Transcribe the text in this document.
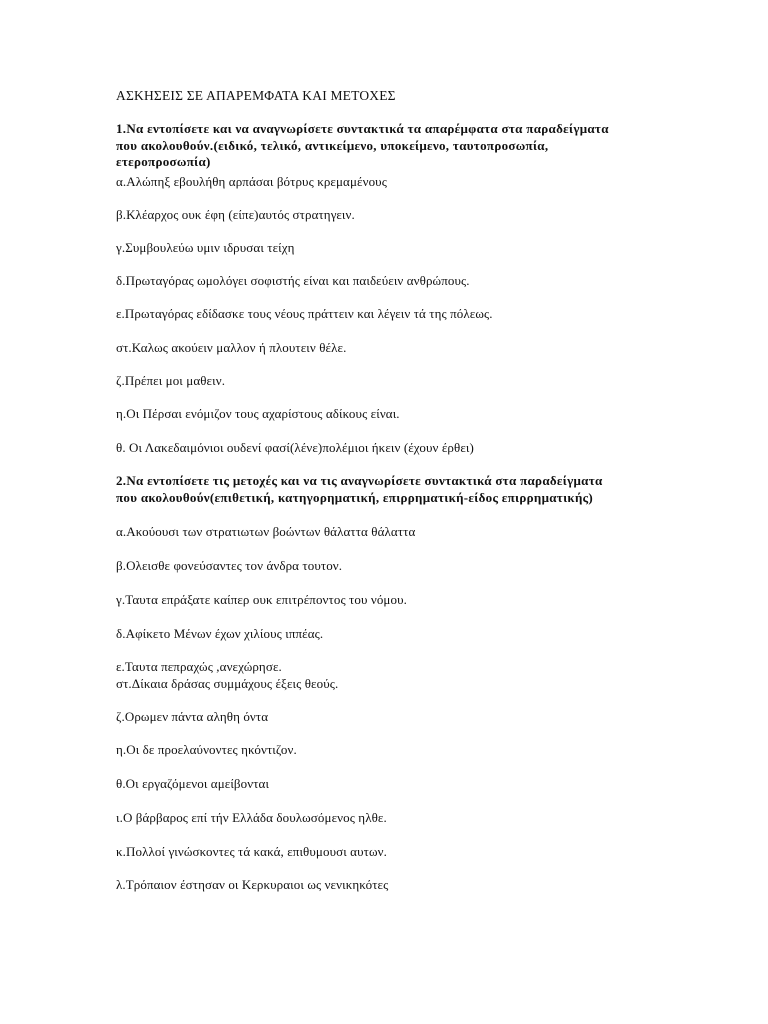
ΑΣΚΗΣΕΙΣ ΣΕ ΑΠΑΡΕΜΦΑΤΑ ΚΑΙ ΜΕΤΟΧΕΣ
1.Να εντοπίσετε και να αναγνωρίσετε συντακτικά τα απαρέμφατα στα παραδείγματα που ακολουθούν.(ειδικό, τελικό, αντικείμενο, υποκείμενο, ταυτοπροσωπία, ετεροπροσωπία)
α.Αλώπηξ εβουλήθη αρπάσαι βότρυς κρεμαμένους
β.Κλέαρχος ουκ έφη (είπε)αυτός στρατηγειν.
γ.Συμβουλεύω υμιν ιδρυσαι τείχη
δ.Πρωταγόρας ωμολόγει σοφιστής είναι και παιδεύειν ανθρώπους.
ε.Πρωταγόρας εδίδασκε τους νέους πράττειν και λέγειν τά της πόλεως.
στ.Καλως ακούειν μαλλον ή πλουτειν θέλε.
ζ.Πρέπει μοι μαθειν.
η.Οι Πέρσαι ενόμιζον τους αχαρίστους αδίκους είναι.
θ. Οι Λακεδαιμόνιοι ουδενί φασί(λένε)πολέμιοι ήκειν (έχουν έρθει)
2.Να εντοπίσετε τις μετοχές και να τις αναγνωρίσετε συντακτικά στα παραδείγματα που ακολουθούν(επιθετική, κατηγορηματική, επιρρηματική-είδος επιρρηματικής)
α.Ακούουσι των στρατιωτων βοώντων θάλαττα θάλαττα
β.Ολεισθε φονεύσαντες τον άνδρα τουτον.
γ.Ταυτα επράξατε καίπερ ουκ επιτρέποντος του νόμου.
δ.Αφίκετο Μένων έχων χιλίους ιππέας.
ε.Ταυτα πεπραχώς ,ανεχώρησε.
στ.Δίκαια δράσας συμμάχους έξεις θεούς.
ζ.Ορωμεν πάντα αληθη όντα
η.Οι δε προελαύνοντες ηκόντιζον.
θ.Οι εργαζόμενοι αμείβονται
ι.Ο βάρβαρος επί τήν Ελλάδα δουλωσόμενος ηλθε.
κ.Πολλοί γινώσκοντες τά κακά, επιθυμουσι αυτων.
λ.Τρόπαιον έστησαν οι Κερκυραιοι ως νενικηκότες
